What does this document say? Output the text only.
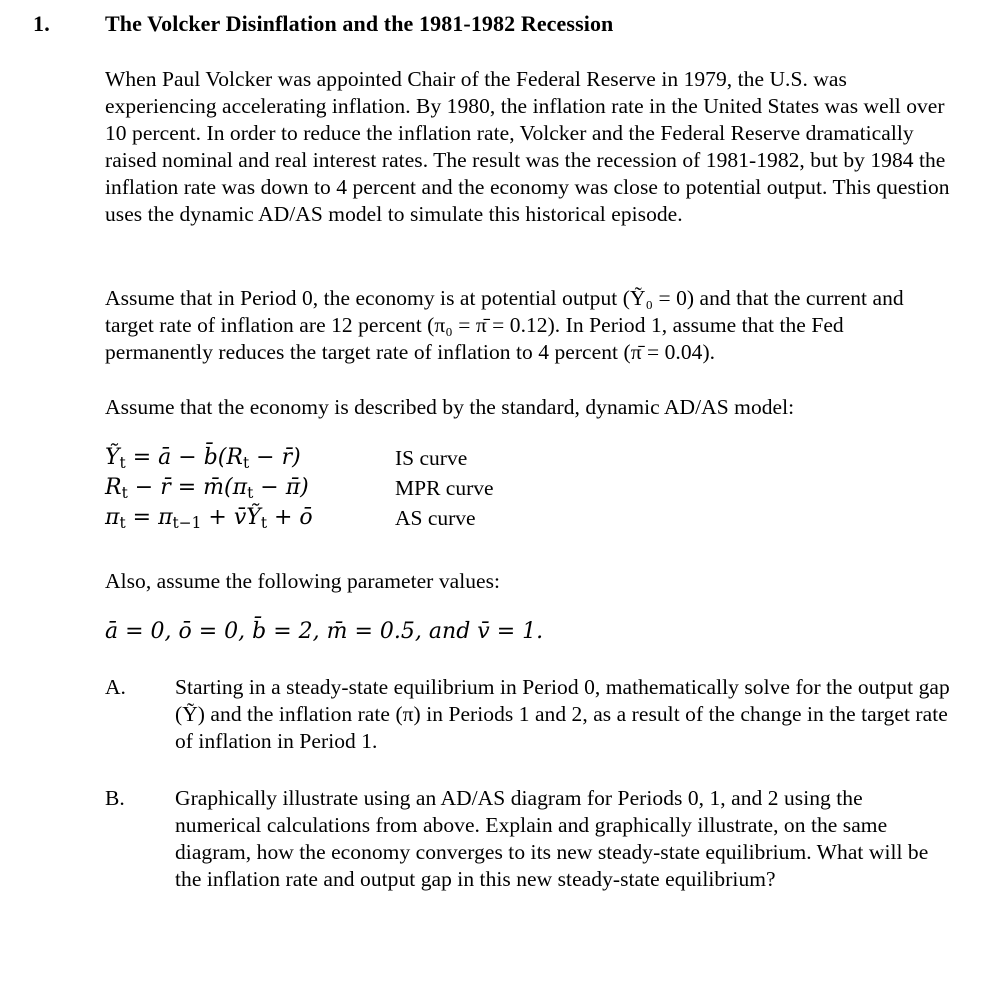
1.	The Volcker Disinflation and the 1981-1982 Recession
When Paul Volcker was appointed Chair of the Federal Reserve in 1979, the U.S. was experiencing accelerating inflation. By 1980, the inflation rate in the United States was well over 10 percent. In order to reduce the inflation rate, Volcker and the Federal Reserve dramatically raised nominal and real interest rates. The result was the recession of 1981-1982, but by 1984 the inflation rate was down to 4 percent and the economy was close to potential output. This question uses the dynamic AD/AS model to simulate this historical episode.
Assume that in Period 0, the economy is at potential output (Ỹ₀ = 0) and that the current and target rate of inflation are 12 percent (π₀ = π̄ = 0.12). In Period 1, assume that the Fed permanently reduces the target rate of inflation to 4 percent (π̄ = 0.04).
Assume that the economy is described by the standard, dynamic AD/AS model:
Ỹ$_t$ = ā − $b̄(R_t$ − r̄)	IS curve
$R_t$ − r̄ = $m̄(\pi_t$ − π̄)	MPR curve
$\pi_t = \pi_{t-1}$ + v̄Ỹ$_t$ + ō	AS curve
Also, assume the following parameter values:
ā = 0, ō = 0, b̄ = 2, m̄ = 0.5, and v̄ = 1.
A. Starting in a steady-state equilibrium in Period 0, mathematically solve for the output gap (Ỹ) and the inflation rate (π) in Periods 1 and 2, as a result of the change in the target rate of inflation in Period 1.
B. Graphically illustrate using an AD/AS diagram for Periods 0, 1, and 2 using the numerical calculations from above. Explain and graphically illustrate, on the same diagram, how the economy converges to its new steady-state equilibrium. What will be the inflation rate and output gap in this new steady-state equilibrium?
